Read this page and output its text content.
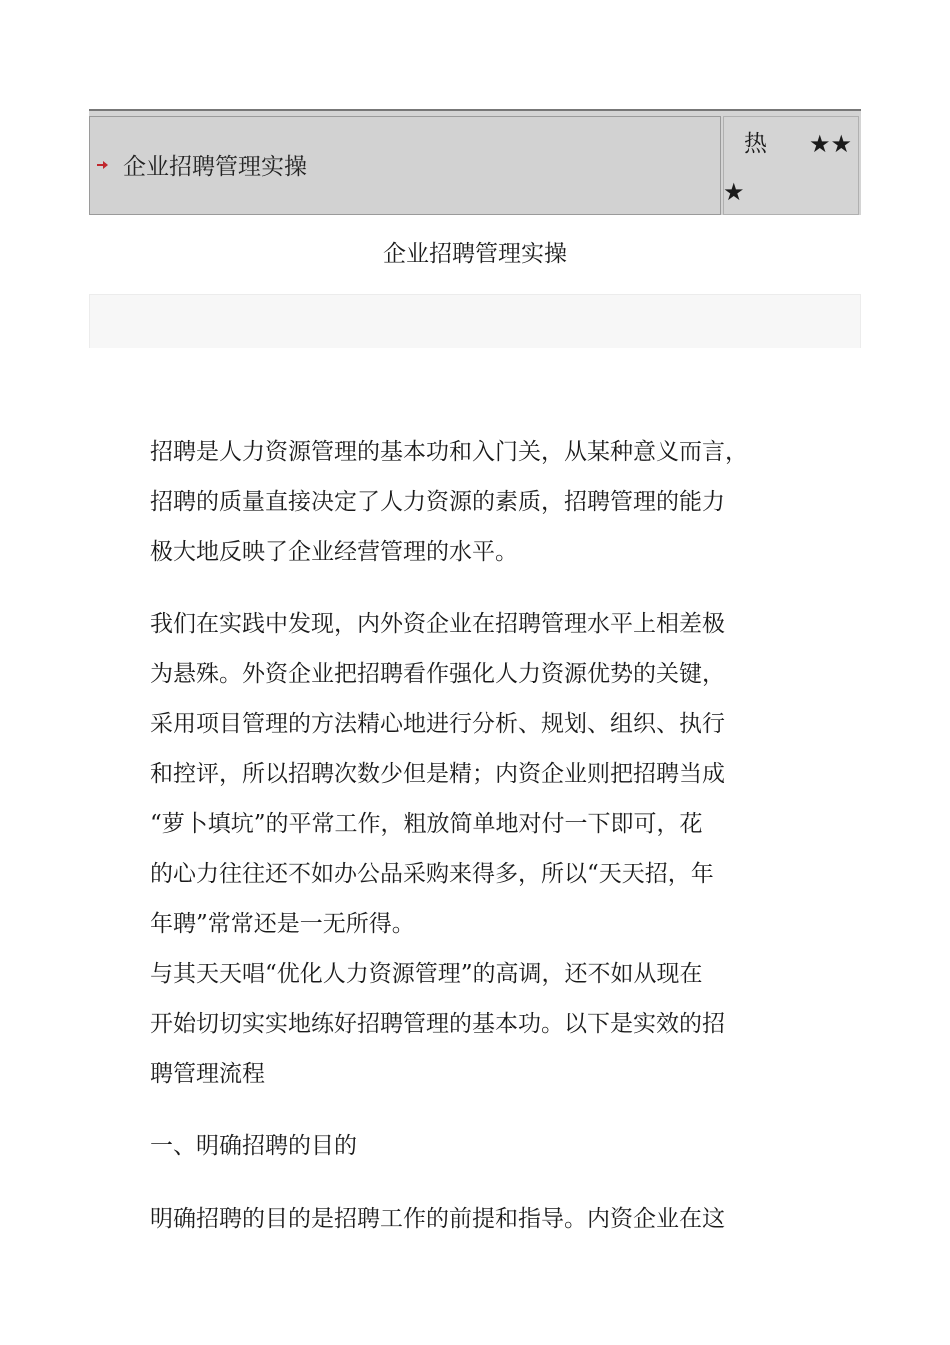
企业招聘管理实操
热 ★★
★
企业招聘管理实操

招聘是人力资源管理的基本功和入门关，从某种意义而言，

招聘的质量直接决定了人力资源的素质，招聘管理的能力

极大地反映了企业经营管理的水平。

我们在实践中发现，内外资企业在招聘管理水平上相差极

为悬殊。外资企业把招聘看作强化人力资源优势的关键，

采用项目管理的方法精心地进行分析、规划、组织、执行

和控评，所以招聘次数少但是精；内资企业则把招聘当成

“萝卜填坑”的平常工作，粗放简单地对付一下即可，花

的心力往往还不如办公品采购来得多，所以“天天招，年

年聘”常常还是一无所得。

与其天天唱“优化人力资源管理”的高调，还不如从现在

开始切切实实地练好招聘管理的基本功。以下是实效的招

聘管理流程

一、明确招聘的目的

明确招聘的目的是招聘工作的前提和指导。内资企业在这
